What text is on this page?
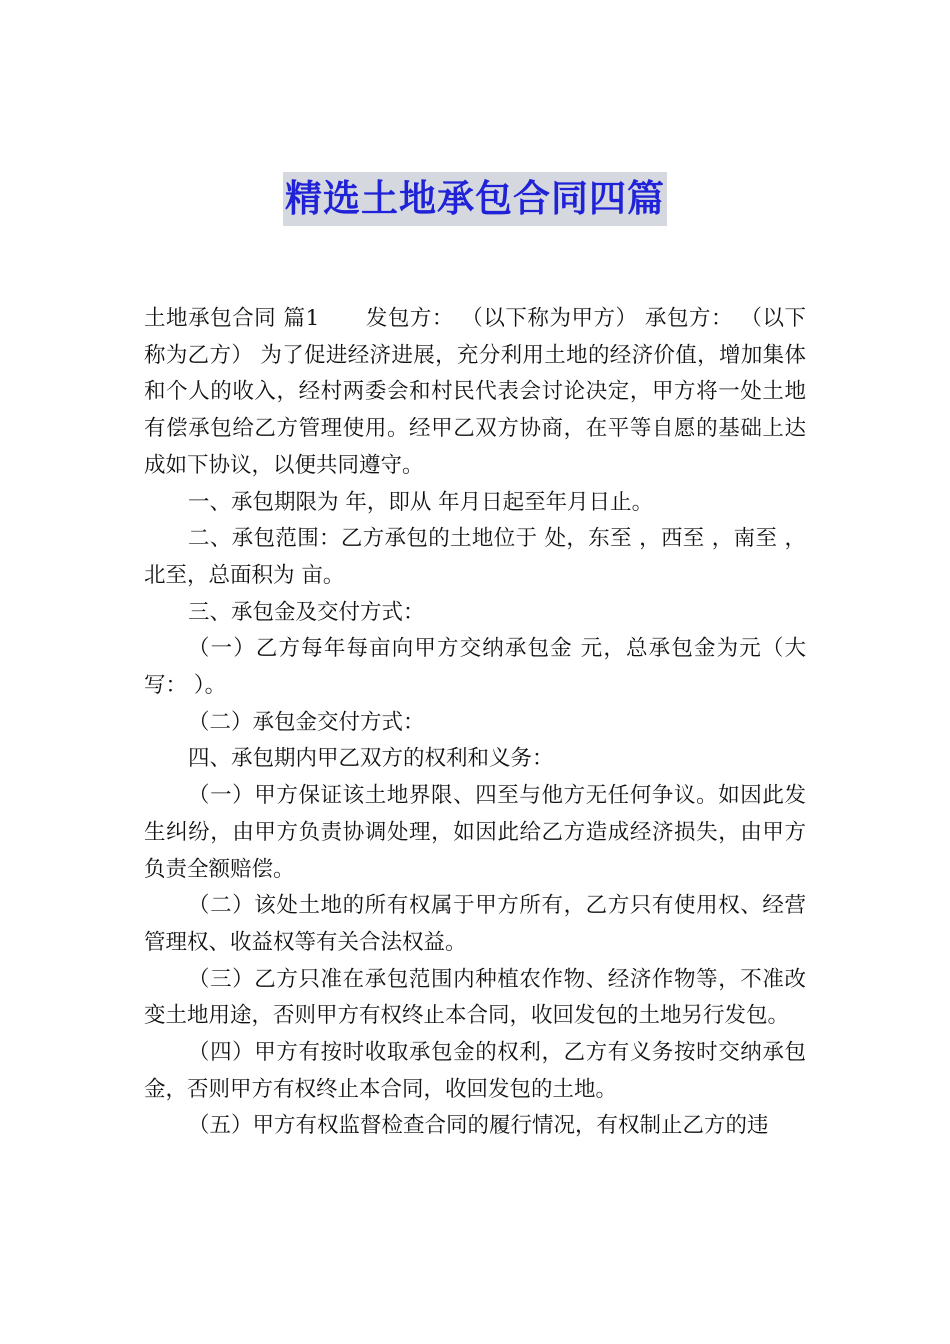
精选土地承包合同四篇

土地承包合同 篇1 发包方： （以下称为甲方） 承包方： （以下称为乙方） 为了促进经济进展，充分利用土地的经济价值，增加集体和个人的收入，经村两委会和村民代表会讨论决定，甲方将一处土地有偿承包给乙方管理使用。经甲乙双方协商，在平等自愿的基础上达成如下协议，以便共同遵守。

一、承包期限为 年，即从 年月日起至年月日止。

二、承包范围：乙方承包的土地位于 处，东至 ，西至 ，南至 ，北至，总面积为 亩。

三、承包金及交付方式：

（一）乙方每年每亩向甲方交纳承包金 元，总承包金为元（大写： ）。

（二）承包金交付方式：

四、承包期内甲乙双方的权利和义务：

（一）甲方保证该土地界限、四至与他方无任何争议。如因此发生纠纷，由甲方负责协调处理，如因此给乙方造成经济损失，由甲方负责全额赔偿。

（二）该处土地的所有权属于甲方所有，乙方只有使用权、经营管理权、收益权等有关合法权益。

（三）乙方只准在承包范围内种植农作物、经济作物等，不准改变土地用途，否则甲方有权终止本合同，收回发包的土地另行发包。

（四）甲方有按时收取承包金的权利，乙方有义务按时交纳承包金，否则甲方有权终止本合同，收回发包的土地。

（五）甲方有权监督检查合同的履行情况，有权制止乙方的违
